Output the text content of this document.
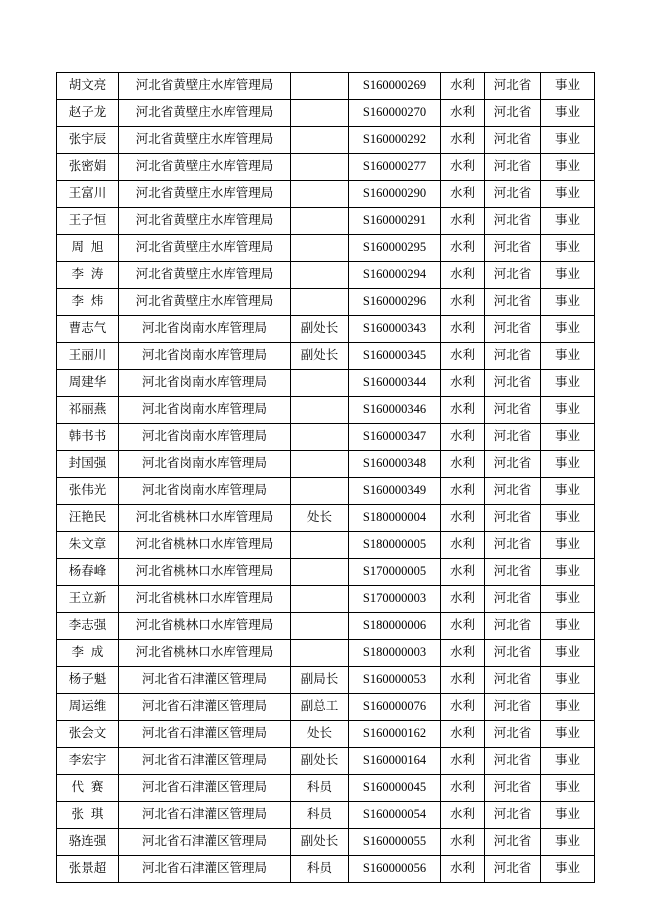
胡文亮	河北省黄壁庄水库管理局		S160000269	水利	河北省	事业
赵子龙	河北省黄壁庄水库管理局		S160000270	水利	河北省	事业
张宇辰	河北省黄壁庄水库管理局		S160000292	水利	河北省	事业
张密娟	河北省黄壁庄水库管理局		S160000277	水利	河北省	事业
王富川	河北省黄壁庄水库管理局		S160000290	水利	河北省	事业
王子恒	河北省黄壁庄水库管理局		S160000291	水利	河北省	事业
周旭	河北省黄壁庄水库管理局		S160000295	水利	河北省	事业
李涛	河北省黄壁庄水库管理局		S160000294	水利	河北省	事业
李炜	河北省黄壁庄水库管理局		S160000296	水利	河北省	事业
曹志气	河北省岗南水库管理局	副处长	S160000343	水利	河北省	事业
王丽川	河北省岗南水库管理局	副处长	S160000345	水利	河北省	事业
周建华	河北省岗南水库管理局		S160000344	水利	河北省	事业
祁丽燕	河北省岗南水库管理局		S160000346	水利	河北省	事业
韩书书	河北省岗南水库管理局		S160000347	水利	河北省	事业
封国强	河北省岗南水库管理局		S160000348	水利	河北省	事业
张伟光	河北省岗南水库管理局		S160000349	水利	河北省	事业
汪艳民	河北省桃林口水库管理局	处长	S180000004	水利	河北省	事业
朱文章	河北省桃林口水库管理局		S180000005	水利	河北省	事业
杨春峰	河北省桃林口水库管理局		S170000005	水利	河北省	事业
王立新	河北省桃林口水库管理局		S170000003	水利	河北省	事业
李志强	河北省桃林口水库管理局		S180000006	水利	河北省	事业
李成	河北省桃林口水库管理局		S180000003	水利	河北省	事业
杨子魁	河北省石津灌区管理局	副局长	S160000053	水利	河北省	事业
周运维	河北省石津灌区管理局	副总工	S160000076	水利	河北省	事业
张会文	河北省石津灌区管理局	处长	S160000162	水利	河北省	事业
李宏宇	河北省石津灌区管理局	副处长	S160000164	水利	河北省	事业
代赛	河北省石津灌区管理局	科员	S160000045	水利	河北省	事业
张琪	河北省石津灌区管理局	科员	S160000054	水利	河北省	事业
骆连强	河北省石津灌区管理局	副处长	S160000055	水利	河北省	事业
张景超	河北省石津灌区管理局	科员	S160000056	水利	河北省	事业
